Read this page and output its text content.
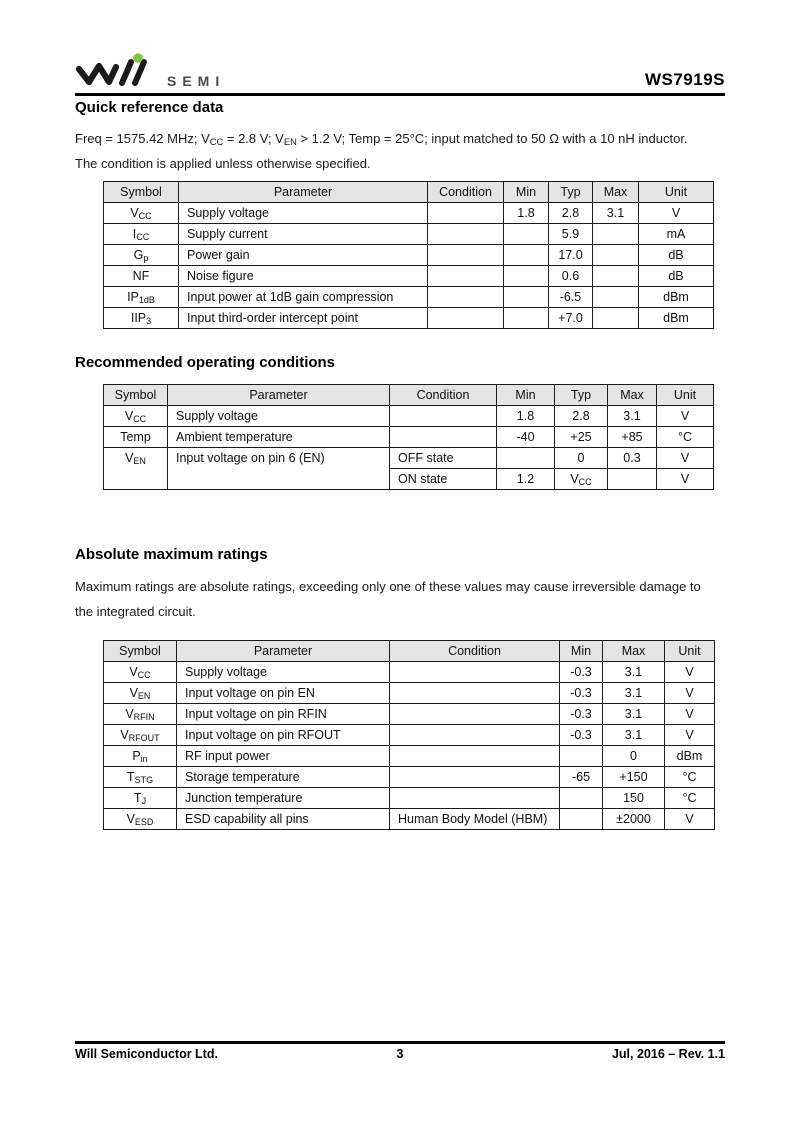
SEMI	WS7919S
Quick reference data
Freq = 1575.42 MHz; $V_{CC} = 2.8$ V; $V_{EN} > 1.2$ V; Temp = 25°C; input matched to 50 Ω with a 10 nH inductor.
The condition is applied unless otherwise specified.
Symbol	Parameter	Condition	Min	Typ	Max	Unit
$V_{CC}$	Supply voltage		1.8	2.8	3.1	V
$I_{CC}$	Supply current			5.9		mA
$G_p$	Power gain			17.0		dB
NF	Noise figure			0.6		dB
$IP_{1dB}$	Input power at 1dB gain compression			-6.5		dBm
$IIP_3$	Input third-order intercept point			+7.0		dBm
Recommended operating conditions
Symbol	Parameter	Condition	Min	Typ	Max	Unit
$V_{CC}$	Supply voltage		1.8	2.8	3.1	V
Temp	Ambient temperature		-40	+25	+85	°C
$V_{EN}$	Input voltage on pin 6 (EN)	OFF state		0	0.3	V
		ON state	1.2	$V_{CC}$		V
Absolute maximum ratings
Maximum ratings are absolute ratings, exceeding only one of these values may cause irreversible damage to
the integrated circuit.
Symbol	Parameter	Condition	Min	Max	Unit
$V_{CC}$	Supply voltage		-0.3	3.1	V
$V_{EN}$	Input voltage on pin EN		-0.3	3.1	V
$V_{RFIN}$	Input voltage on pin RFIN		-0.3	3.1	V
$V_{RFOUT}$	Input voltage on pin RFOUT		-0.3	3.1	V
$P_{in}$	RF input power			0	dBm
$T_{STG}$	Storage temperature		-65	+150	°C
$T_J$	Junction temperature			150	°C
$V_{ESD}$	ESD capability all pins	Human Body Model (HBM)		±2000	V
Will Semiconductor Ltd.	3	Jul, 2016 – Rev. 1.1
